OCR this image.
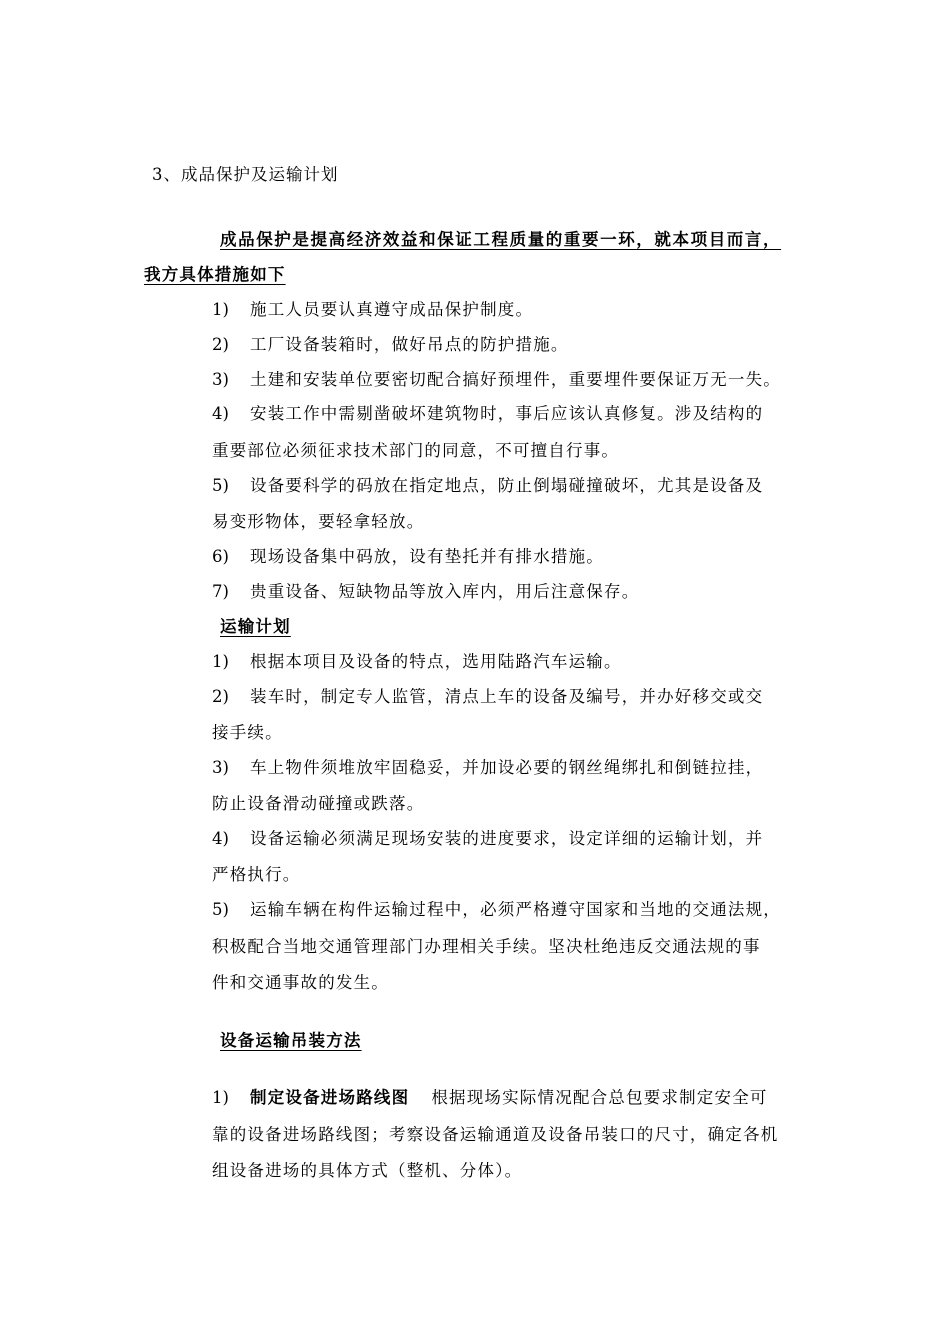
3、成品保护及运输计划
成品保护是提高经济效益和保证工程质量的重要一环，就本项目而言，
我方具体措施如下
1) 施工人员要认真遵守成品保护制度。
2) 工厂设备装箱时，做好吊点的防护措施。
3) 土建和安装单位要密切配合搞好预埋件，重要埋件要保证万无一失。
4) 安装工作中需剔凿破坏建筑物时，事后应该认真修复。涉及结构的
重要部位必须征求技术部门的同意，不可擅自行事。
5) 设备要科学的码放在指定地点，防止倒塌碰撞破坏，尤其是设备及
易变形物体，要轻拿轻放。
6) 现场设备集中码放，设有垫托并有排水措施。
7) 贵重设备、短缺物品等放入库内，用后注意保存。
运输计划
1) 根据本项目及设备的特点，选用陆路汽车运输。
2) 装车时，制定专人监管，清点上车的设备及编号，并办好移交或交
接手续。
3) 车上物件须堆放牢固稳妥，并加设必要的钢丝绳绑扎和倒链拉挂，
防止设备滑动碰撞或跌落。
4) 设备运输必须满足现场安装的进度要求，设定详细的运输计划，并
严格执行。
5) 运输车辆在构件运输过程中，必须严格遵守国家和当地的交通法规，
积极配合当地交通管理部门办理相关手续。坚决杜绝违反交通法规的事
件和交通事故的发生。
设备运输吊装方法
1) 制定设备进场路线图 根据现场实际情况配合总包要求制定安全可
靠的设备进场路线图；考察设备运输通道及设备吊装口的尺寸，确定各机
组设备进场的具体方式（整机、分体）。
